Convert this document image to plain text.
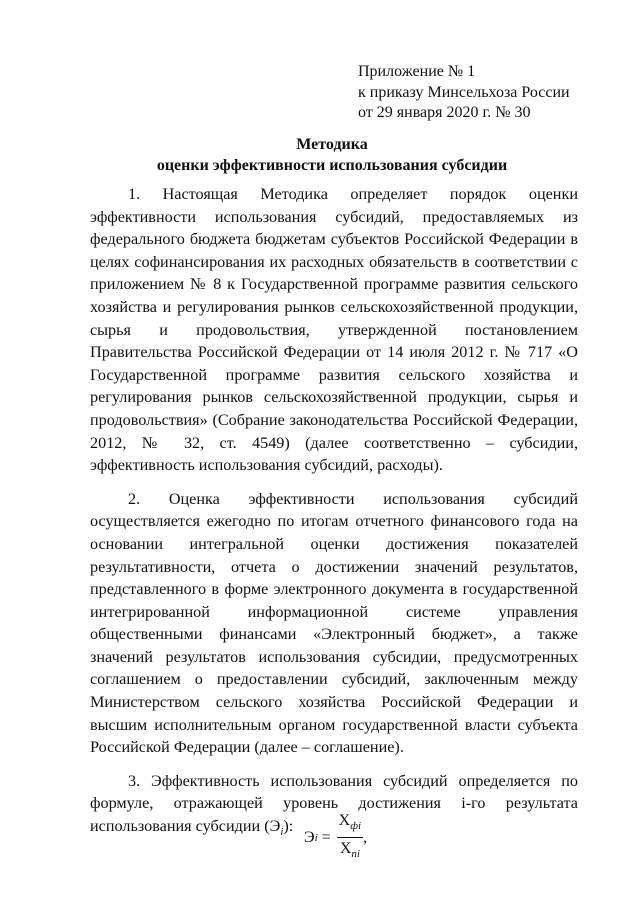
Приложение № 1
к приказу Минсельхоза России
от 29 января 2020 г. № 30
Методика
оценки эффективности использования субсидии

1. Настоящая Методика определяет порядок оценки эффективности использования субсидий, предоставляемых из федерального бюджета бюджетам субъектов Российской Федерации в целях софинансирования их расходных обязательств в соответствии с приложением № 8 к Государственной программе развития сельского хозяйства и регулирования рынков сельскохозяйственной продукции, сырья и продовольствия, утвержденной постановлением Правительства Российской Федерации от 14 июля 2012 г. № 717 «О Государственной программе развития сельского хозяйства и регулирования рынков сельскохозяйственной продукции, сырья и продовольствия» (Собрание законодательства Российской Федерации, 2012, № 32, ст. 4549) (далее соответственно – субсидии, эффективность использования субсидий, расходы).

2. Оценка эффективности использования субсидий осуществляется ежегодно по итогам отчетного финансового года на основании интегральной оценки достижения показателей результативности, отчета о достижении значений результатов, представленного в форме электронного документа в государственной интегрированной информационной системе управления общественными финансами «Электронный бюджет», а также значений результатов использования субсидии, предусмотренных соглашением о предоставлении субсидий, заключенным между Министерством сельского хозяйства Российской Федерации и высшим исполнительным органом государственной власти субъекта Российской Федерации (далее – соглашение).

3. Эффективность использования субсидий определяется по формуле, отражающей уровень достижения i-го результата использования субсидии $(Э_i)$:

Э $i = \frac{Х_{фi}}{Х_{пi}}$ ,
